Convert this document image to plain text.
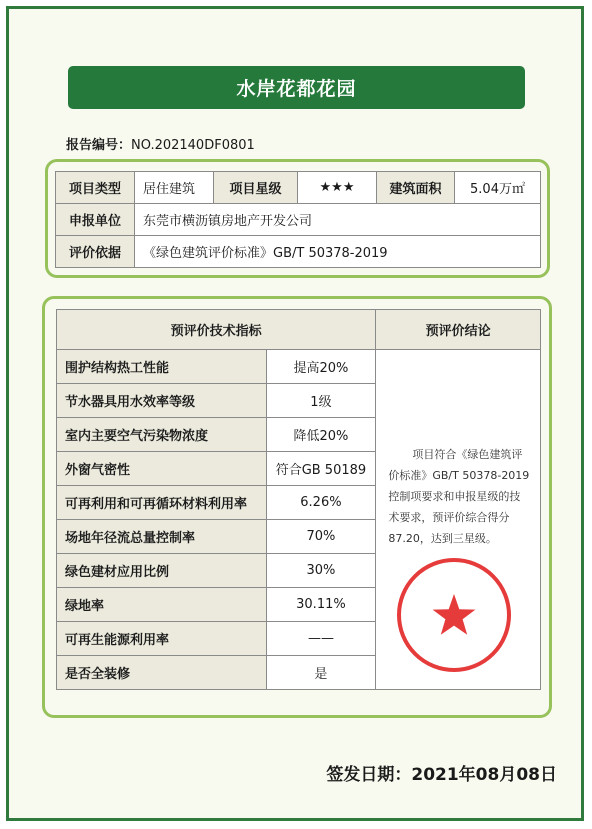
水岸花都花园
报告编号：NO.202140DF0801
项目类型	居住建筑	项目星级	★★★	建筑面积	5.04万㎡
申报单位	东莞市横沥镇房地产开发公司				
评价依据	《绿色建筑评价标准》GB/T 50378-2019				
预评价技术指标		预评价结论
围护结构热工性能	提高20%	项目符合《绿色建筑评价标准》GB/T 50378-2019控制项要求和申报星级的技术要求，预评价综合得分87.20，达到三星级。

节水器具用水效率等级	1级	
室内主要空气污染物浓度	降低20%	
外窗气密性	符合GB 50189	
可再利用和可再循环材料利用率	6.26%	
场地年径流总量控制率	70%	
绿色建材应用比例	30%	
绿地率	30.11%	
可再生能源利用率	——	
是否全装修	是	
签发日期：2021年08月08日
